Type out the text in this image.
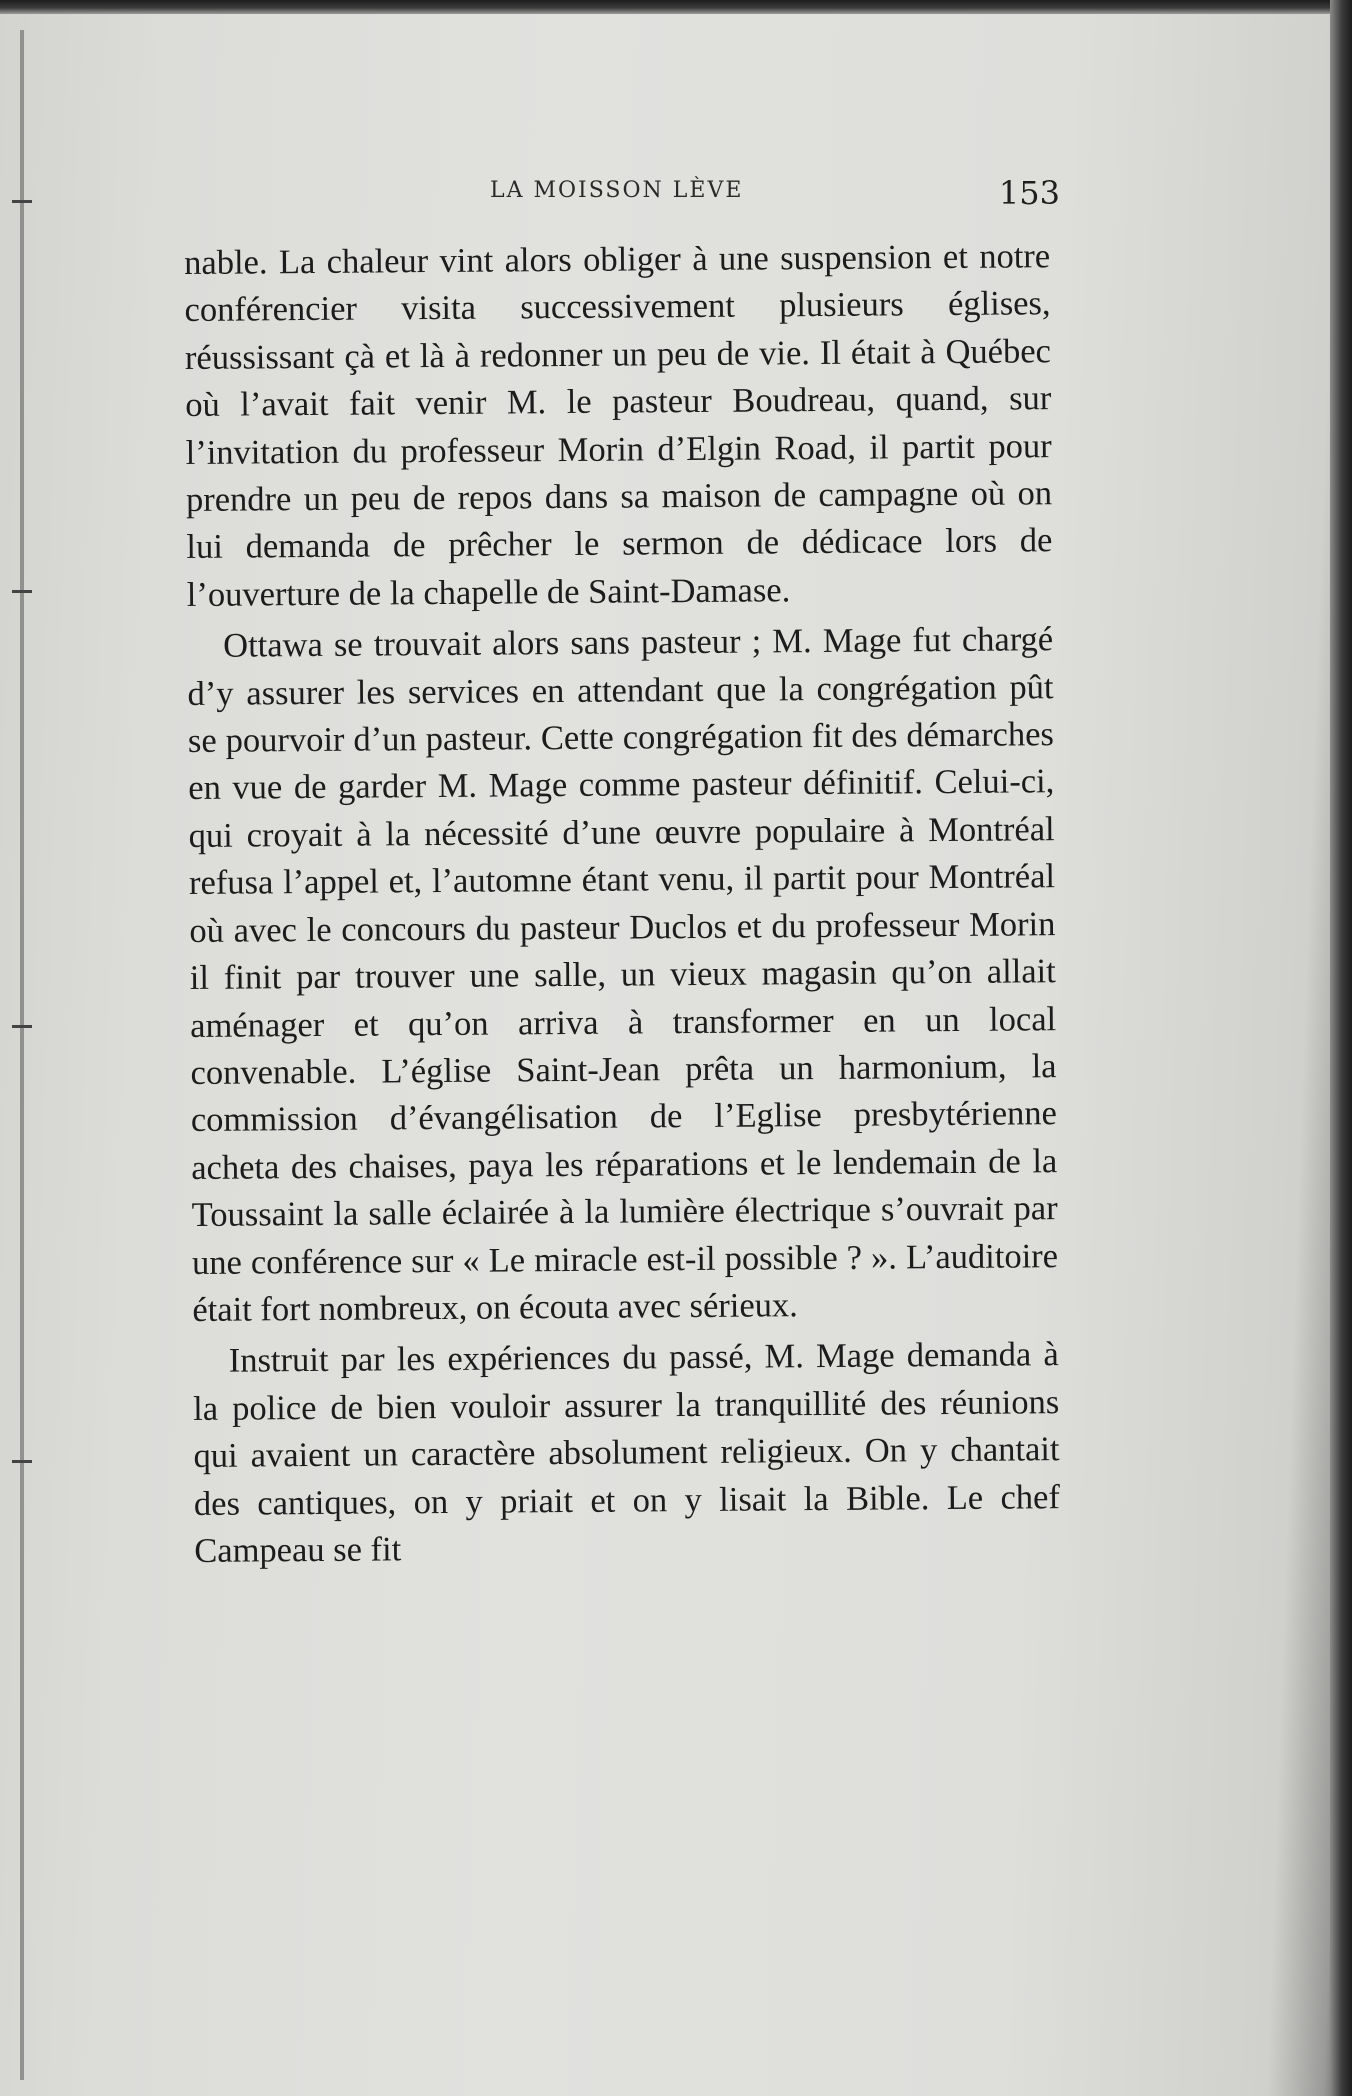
LA MOISSON LÈVE	153

nable. La chaleur vint alors obliger à une suspension et notre conférencier visita successivement plusieurs églises, réussissant çà et là à redonner un peu de vie. Il était à Québec où l’avait fait venir M. le pasteur Boudreau, quand, sur l’invitation du professeur Morin d’Elgin Road, il partit pour prendre un peu de repos dans sa maison de campagne où on lui demanda de prêcher le sermon de dédicace lors de l’ouverture de la chapelle de Saint-Damase.

Ottawa se trouvait alors sans pasteur ; M. Mage fut chargé d’y assurer les services en attendant que la congrégation pût se pourvoir d’un pasteur. Cette congrégation fit des démarches en vue de garder M. Mage comme pasteur définitif. Celui-ci, qui croyait à la nécessité d’une œuvre populaire à Montréal refusa l’appel et, l’automne étant venu, il partit pour Montréal où avec le concours du pasteur Duclos et du professeur Morin il finit par trouver une salle, un vieux magasin qu’on allait aménager et qu’on arriva à transformer en un local convenable. L’église Saint-Jean prêta un harmonium, la commission d’évangélisation de l’Eglise presbytérienne acheta des chaises, paya les réparations et le lendemain de la Toussaint la salle éclairée à la lumière électrique s’ouvrait par une conférence sur « Le miracle est-il possible ? ». L’auditoire était fort nombreux, on écouta avec sérieux.

Instruit par les expériences du passé, M. Mage demanda à la police de bien vouloir assurer la tranquillité des réunions qui avaient un caractère absolument religieux. On y chantait des cantiques, on y priait et on y lisait la Bible. Le chef Campeau se fit
